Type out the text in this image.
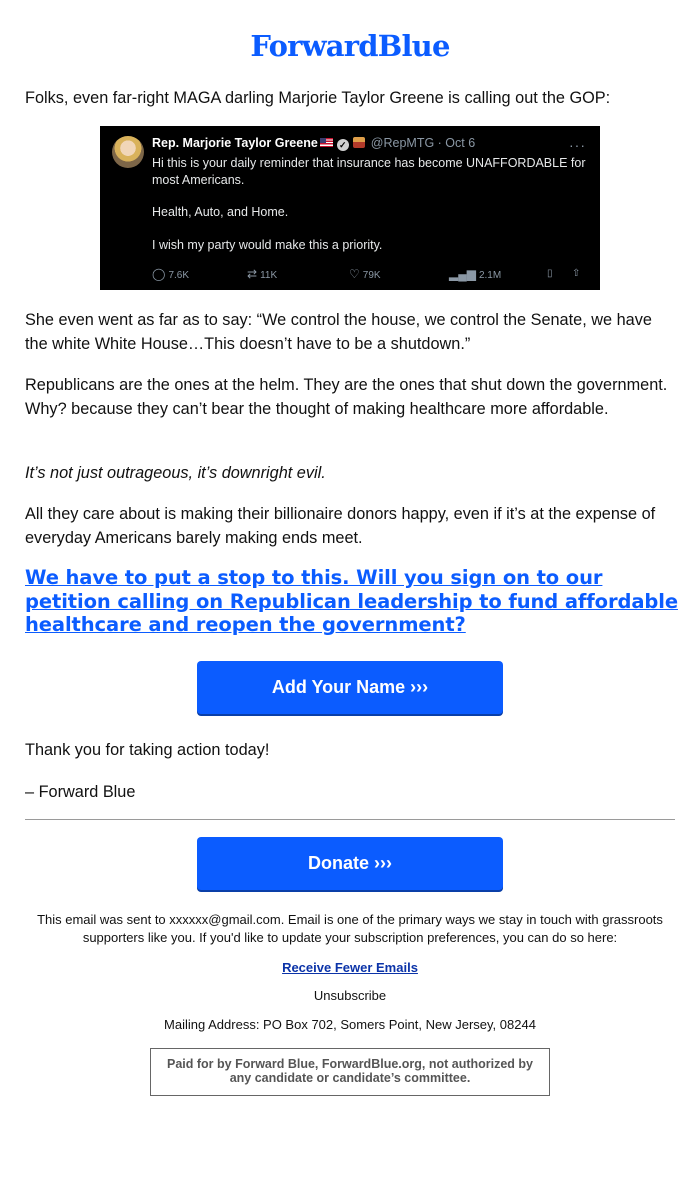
ForwardBlue

Folks, even far-right MAGA darling Marjorie Taylor Greene is calling out the GOP:

Rep. Marjorie Taylor Greene ✓ @RepMTG · Oct 6	···

Hi this is your daily reminder that insurance has become UNAFFORDABLE for most Americans.

Health, Auto, and Home.

I wish my party would make this a priority.

◯ 7.6K	⇄ 11K	♡ 79K	▂▄▆ 2.1M	▯ ⇧

She even went as far as to say: “We control the house, we control the Senate, we have the white White House…This doesn’t have to be a shutdown.”

Republicans are the ones at the helm. They are the ones that shut down the government. Why? because they can’t bear the thought of making healthcare more affordable.

It’s not just outrageous, it’s downright evil.

All they care about is making their billionaire donors happy, even if it’s at the expense of everyday Americans barely making ends meet.

We have to put a stop to this. Will you sign on to our petition calling on Republican leadership to fund affordable healthcare and reopen the government?

Add Your Name ›››

Thank you for taking action today!

– Forward Blue

Donate ›››

This email was sent to xxxxxx@gmail.com. Email is one of the primary ways we stay in touch with grassroots supporters like you. If you'd like to update your subscription preferences, you can do so here:

Receive Fewer Emails

Unsubscribe

Mailing Address: PO Box 702, Somers Point, New Jersey, 08244

Paid for by Forward Blue, ForwardBlue.org, not authorized by any candidate or candidate’s committee.
